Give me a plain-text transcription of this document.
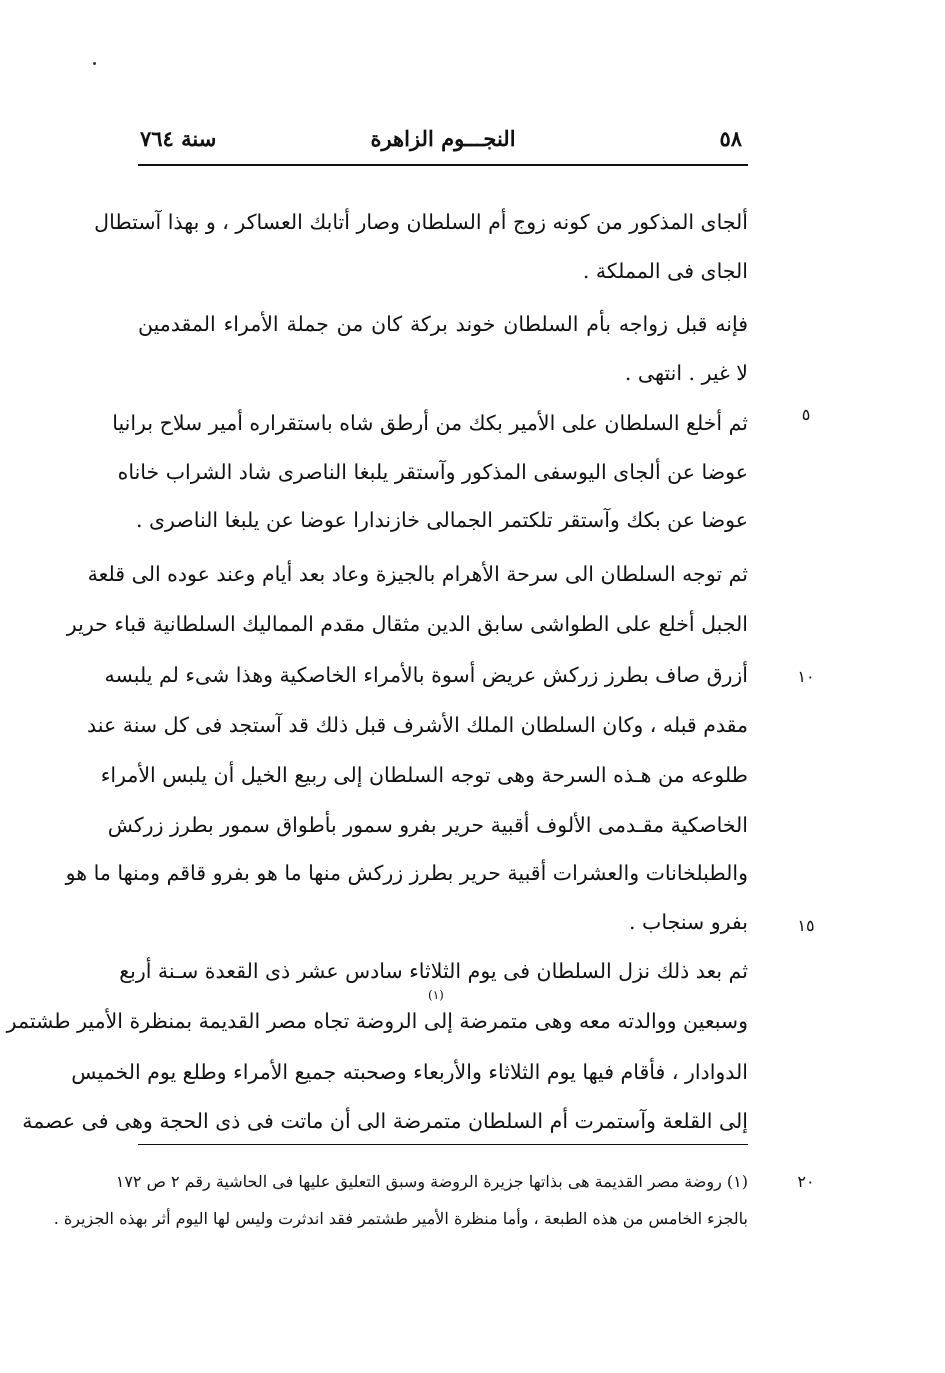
٥٨
النجـــوم الزاهرة
سنة ٧٦٤
ألجاى المذكور من كونه زوج أم السلطان وصار أتابك العساكر ، و بهذا آستطال
الجاى فى المملكة .
فإنه قبل زواجه بأم السلطان خوند بركة كان من جملة الأمراء المقدمين
لا غير . انتهى .
ثم أخلع السلطان على الأمير بكك من أرطق شاه باستقراره أمير سلاح برانيا
عوضا عن ألجاى اليوسفى المذكور وآستقر يلبغا الناصرى شاد الشراب خاناه
عوضا عن بكك وآستقر تلكتمر الجمالى خازندارا عوضا عن يلبغا الناصرى .
ثم توجه السلطان الى سرحة الأهرام بالجيزة وعاد بعد أيام وعند عوده الى قلعة
الجبل أخلع على الطواشى سابق الدين مثقال مقدم المماليك السلطانية قباء حرير
أزرق صاف بطرز زركش عريض أسوة بالأمراء الخاصكية وهذا شىء لم يلبسه
مقدم قبله ، وكان السلطان الملك الأشرف قبل ذلك قد آستجد فى كل سنة عند
طلوعه من هـذه السرحة وهى توجه السلطان إلى ربيع الخيل أن يلبس الأمراء
الخاصكية مقـدمى الألوف أقبية حرير بفرو سمور بأطواق سمور بطرز زركش
والطبلخانات والعشرات أقبية حرير بطرز زركش منها ما هو بفرو قاقم ومنها ما هو
بفرو سنجاب .
ثم بعد ذلك نزل السلطان فى يوم الثلاثاء سادس عشر ذى القعدة سـنة أربع
وسبعين ووالدته معه وهى متمرضة إلى الروضة تجاه مصر القديمة بمنظرة الأمير طشتمر
الدوادار ، فأقام فيها يوم الثلاثاء والأربعاء وصحبته جميع الأمراء وطلع يوم الخميس
إلى القلعة وآستمرت أم السلطان متمرضة الى أن ماتت فى ذى الحجة وهى فى عصمة
(١)
٥
١٠
١٥
٢٠
(١) روضة مصر القديمة هى بذاتها جزيرة الروضة وسبق التعليق عليها فى الحاشية رقم ٢ ص ١٧٢
بالجزء الخامس من هذه الطبعة ، وأما منظرة الأمير طشتمر فقد اندثرت وليس لها اليوم أثر بهذه الجزيرة .
